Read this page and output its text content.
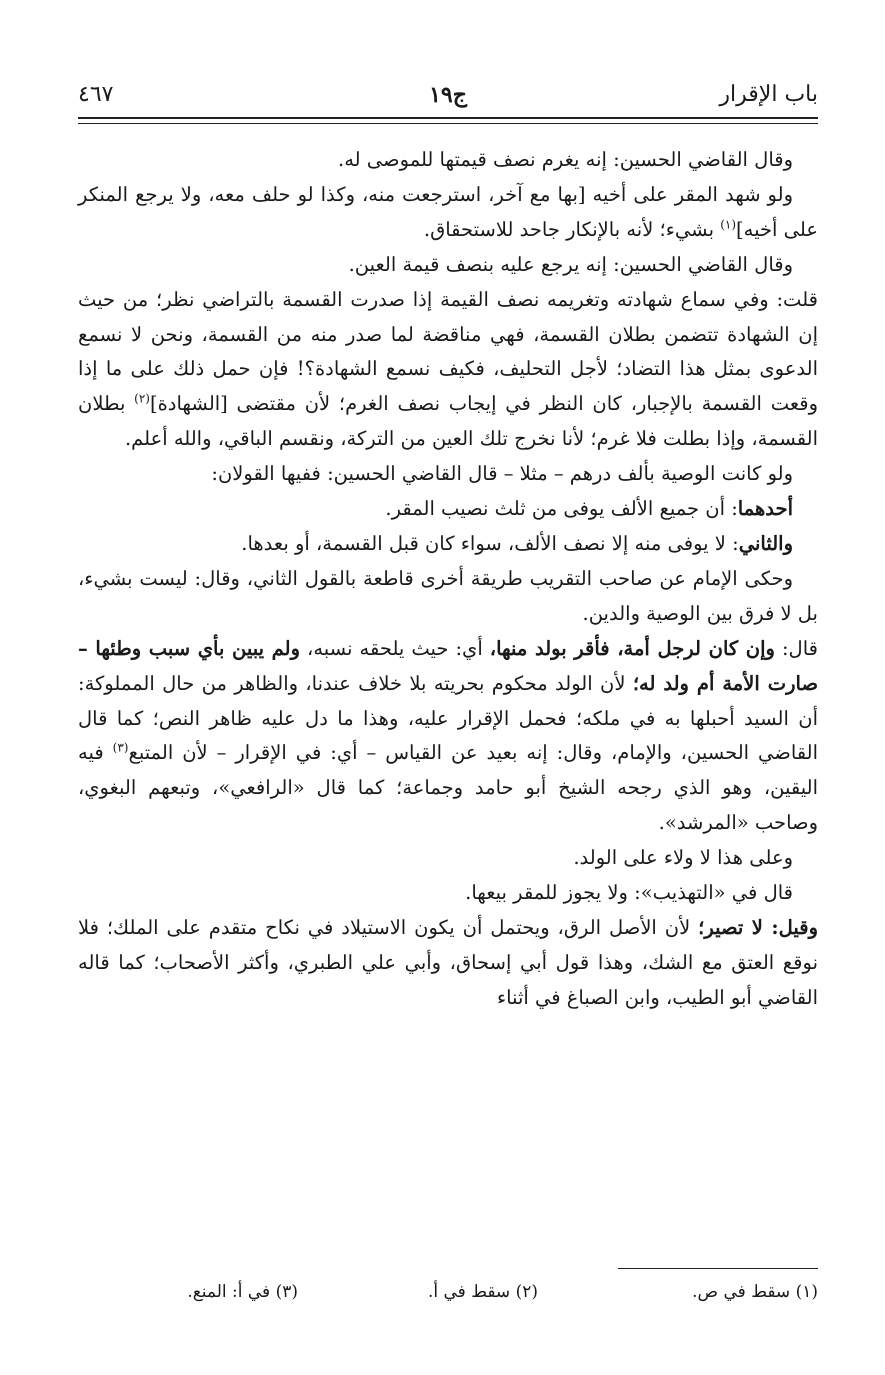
باب الإقرار
ج١٩
٤٦٧

وقال القاضي الحسين: إنه يغرم نصف قيمتها للموصى له.

ولو شهد المقر على أخيه [بها مع آخر، استرجعت منه، وكذا لو حلف معه، ولا يرجع المنكر على أخيه]$^{(١)}$ بشيء؛ لأنه بالإنكار جاحد للاستحقاق.

وقال القاضي الحسين: إنه يرجع عليه بنصف قيمة العين.

قلت: وفي سماع شهادته وتغريمه نصف القيمة إذا صدرت القسمة بالتراضي نظر؛ من حيث إن الشهادة تتضمن بطلان القسمة، فهي مناقضة لما صدر منه من القسمة، ونحن لا نسمع الدعوى بمثل هذا التضاد؛ لأجل التحليف، فكيف نسمع الشهادة؟! فإن حمل ذلك على ما إذا وقعت القسمة بالإجبار، كان النظر في إيجاب نصف الغرم؛ لأن مقتضى [الشهادة]$^{(٢)}$ بطلان القسمة، وإذا بطلت فلا غرم؛ لأنا نخرج تلك العين من التركة، ونقسم الباقي، والله أعلم.

ولو كانت الوصية بألف درهم – مثلا – قال القاضي الحسين: ففيها القولان:

أحدهما: أن جميع الألف يوفى من ثلث نصيب المقر.

والثاني: لا يوفى منه إلا نصف الألف، سواء كان قبل القسمة، أو بعدها.

وحكى الإمام عن صاحب التقريب طريقة أخرى قاطعة بالقول الثاني، وقال: ليست بشيء، بل لا فرق بين الوصية والدين.

قال: وإن كان لرجل أمة، فأقر بولد منها، أي: حيث يلحقه نسبه، ولم يبين بأي سبب وطئها – صارت الأمة أم ولد له؛ لأن الولد محكوم بحريته بلا خلاف عندنا، والظاهر من حال المملوكة: أن السيد أحبلها به في ملكه؛ فحمل الإقرار عليه، وهذا ما دل عليه ظاهر النص؛ كما قال القاضي الحسين، والإمام، وقال: إنه بعيد عن القياس – أي: في الإقرار – لأن المتبع$^{(٣)}$ فيه اليقين، وهو الذي رجحه الشيخ أبو حامد وجماعة؛ كما قال «الرافعي»، وتبعهم البغوي، وصاحب «المرشد».

وعلى هذا لا ولاء على الولد.

قال في «التهذيب»: ولا يجوز للمقر بيعها.

وقيل: لا تصير؛ لأن الأصل الرق، ويحتمل أن يكون الاستيلاد في نكاح متقدم على الملك؛ فلا نوقع العتق مع الشك، وهذا قول أبي إسحاق، وأبي علي الطبري، وأكثر الأصحاب؛ كما قاله القاضي أبو الطيب، وابن الصباغ في أثناء

(١) سقط في ص.
(٢) سقط في أ.
(٣) في أ: المنع.
